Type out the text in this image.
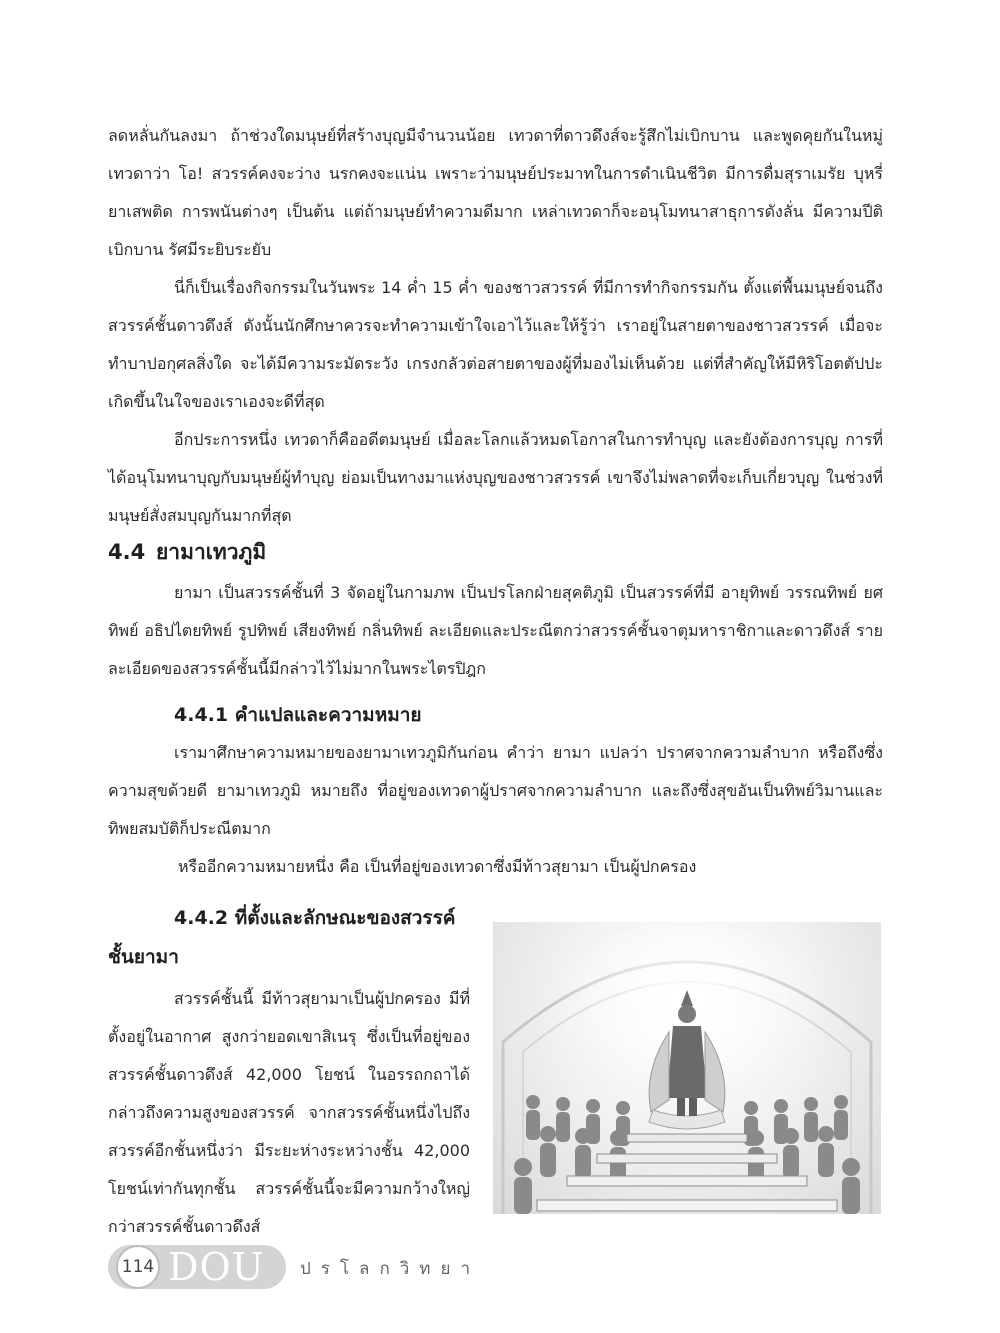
ลดหลั่นกันลงมา ถ้าช่วงใดมนุษย์ที่สร้างบุญมีจำนวนน้อย เทวดาที่ดาวดึงส์จะรู้สึกไม่เบิกบาน และพูดคุยกันในหมู่เทวดาว่า โอ! สวรรค์คงจะว่าง นรกคงจะแน่น เพราะว่ามนุษย์ประมาทในการดำเนินชีวิต มีการดื่มสุราเมรัย บุหรี่ ยาเสพติด การพนันต่างๆ เป็นต้น แต่ถ้ามนุษย์ทำความดีมาก เหล่าเทวดาก็จะอนุโมทนาสาธุการดังลั่น มีความปีติเบิกบาน รัศมีระยิบระยับ

นี่ก็เป็นเรื่องกิจกรรมในวันพระ 14 ค่ำ 15 ค่ำ ของชาวสวรรค์ ที่มีการทำกิจกรรมกัน ตั้งแต่พื้นมนุษย์จนถึงสวรรค์ชั้นดาวดึงส์ ดังนั้นนักศึกษาควรจะทำความเข้าใจเอาไว้และให้รู้ว่า เราอยู่ในสายตาของชาวสวรรค์ เมื่อจะทำบาปอกุศลสิ่งใด จะได้มีความระมัดระวัง เกรงกลัวต่อสายตาของผู้ที่มองไม่เห็นด้วย แต่ที่สำคัญให้มีหิริโอตตัปปะเกิดขึ้นในใจของเราเองจะดีที่สุด

อีกประการหนึ่ง เทวดาก็คืออดีตมนุษย์ เมื่อละโลกแล้วหมดโอกาสในการทำบุญ และยังต้องการบุญ การที่ได้อนุโมทนาบุญกับมนุษย์ผู้ทำบุญ ย่อมเป็นทางมาแห่งบุญของชาวสวรรค์ เขาจึงไม่พลาดที่จะเก็บเกี่ยวบุญ ในช่วงที่มนุษย์สั่งสมบุญกันมากที่สุด

4.4 ยามาเทวภูมิ

ยามา เป็นสวรรค์ชั้นที่ 3 จัดอยู่ในกามภพ เป็นปรโลกฝ่ายสุคติภูมิ เป็นสวรรค์ที่มี อายุทิพย์ วรรณทิพย์ ยศทิพย์ อธิปไตยทิพย์ รูปทิพย์ เสียงทิพย์ กลิ่นทิพย์ ละเอียดและประณีตกว่าสวรรค์ชั้นจาตุมหาราชิกาและดาวดึงส์ รายละเอียดของสวรรค์ชั้นนี้มีกล่าวไว้ไม่มากในพระไตรปิฎก

4.4.1 คำแปลและความหมาย

เรามาศึกษาความหมายของยามาเทวภูมิกันก่อน คำว่า ยามา แปลว่า ปราศจากความลำบาก หรือถึงซึ่งความสุขด้วยดี ยามาเทวภูมิ หมายถึง ที่อยู่ของเทวดาผู้ปราศจากความลำบาก และถึงซึ่งสุขอันเป็นทิพย์วิมานและทิพยสมบัติก็ประณีตมาก

หรืออีกความหมายหนึ่ง คือ เป็นที่อยู่ของเทวดาซึ่งมีท้าวสุยามา เป็นผู้ปกครอง

4.4.2 ที่ตั้งและลักษณะของสวรรค์
ชั้นยามา

สวรรค์ชั้นนี้ มีท้าวสุยามาเป็นผู้ปกครอง มีที่ตั้งอยู่ในอากาศ สูงกว่ายอดเขาสิเนรุ ซึ่งเป็นที่อยู่ของสวรรค์ชั้นดาวดึงส์ 42,000 โยชน์ ในอรรถกถาได้กล่าวถึงความสูงของสวรรค์ จากสวรรค์ชั้นหนึ่งไปถึงสวรรค์อีกชั้นหนึ่งว่า มีระยะห่างระหว่างชั้น 42,000 โยชน์เท่ากันทุกชั้น สวรรค์ชั้นนี้จะมีความกว้างใหญ่กว่าสวรรค์ชั้นดาวดึงส์

114 DOU ปรโลกวิทยา
